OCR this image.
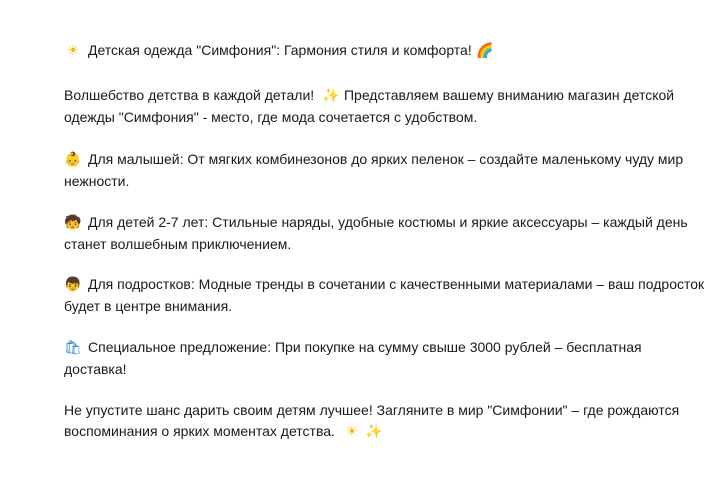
☀ Детская одежда "Симфония": Гармония стиля и комфорта! 🌈

Волшебство детства в каждой детали! ✨ Представляем вашему вниманию магазин детской одежды "Симфония" - место, где мода сочетается с удобством.

👶 Для малышей: От мягких комбинезонов до ярких пеленок – создайте маленькому чуду мир нежности.

🧒 Для детей 2-7 лет: Стильные наряды, удобные костюмы и яркие аксессуары – каждый день станет волшебным приключением.

👦 Для подростков: Модные тренды в сочетании с качественными материалами – ваш подросток будет в центре внимания.

🛍 Специальное предложение: При покупке на сумму свыше 3000 рублей – бесплатная доставка!

Не упустите шанс дарить своим детям лучшее! Загляните в мир "Симфонии" – где рождаются воспоминания о ярких моментах детства. ☀ ✨
